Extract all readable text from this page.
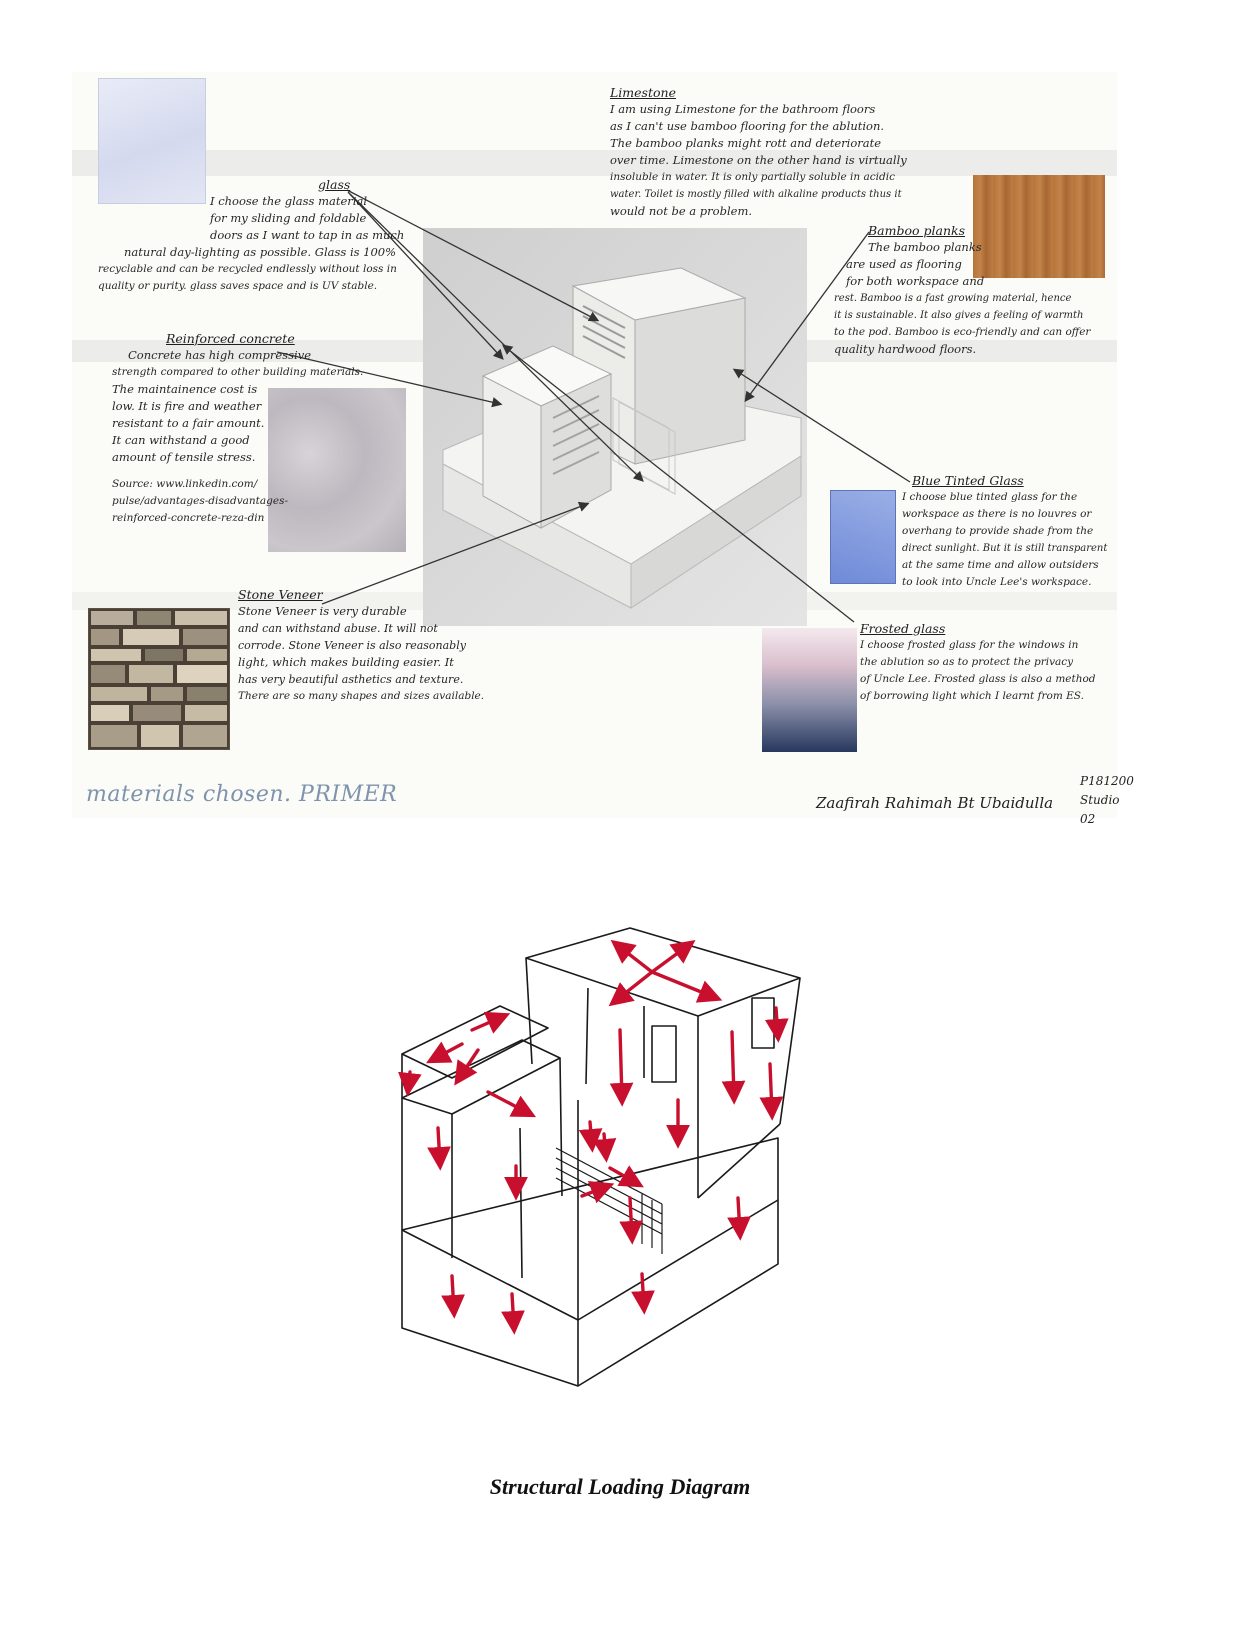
glass

I choose the glass material

for my sliding and foldable

doors as I want to tap in as much

natural day-lighting as possible. Glass is 100%

recyclable and can be recycled endlessly without loss in

quality or purity. glass saves space and is UV stable.

Limestone

I am using Limestone for the bathroom floors

as I can't use bamboo flooring for the ablution.

The bamboo planks might rott and deteriorate

over time. Limestone on the other hand is virtually

insoluble in water. It is only partially soluble in acidic

water. Toilet is mostly filled with alkaline products thus it

would not be a problem.

Bamboo planks

The bamboo planks

are used as flooring

for both workspace and

rest. Bamboo is a fast growing material, hence

it is sustainable. It also gives a feeling of warmth

to the pod. Bamboo is eco-friendly and can offer

quality hardwood floors.

Reinforced concrete

Concrete has high compressive

strength compared to other building materials.

The maintainence cost is

low. It is fire and weather

resistant to a fair amount.

It can withstand a good

amount of tensile stress.

Source: www.linkedin.com/

pulse/advantages-disadvantages-

reinforced-concrete-reza-din

Blue Tinted Glass

I choose blue tinted glass for the

workspace as there is no louvres or

overhang to provide shade from the

direct sunlight. But it is still transparent

at the same time and allow outsiders

to look into Uncle Lee's workspace.

Stone Veneer

Stone Veneer is very durable

and can withstand abuse. It will not

corrode. Stone Veneer is also reasonably

light, which makes building easier. It

has very beautiful asthetics and texture.

There are so many shapes and sizes available.

Frosted glass

I choose frosted glass for the windows in

the ablution so as to protect the privacy

of Uncle Lee. Frosted glass is also a method

of borrowing light which I learnt from ES.

materials chosen. PRIMER	Zaafirah Rahimah Bt Ubaidulla
P181200
Studio 02
Structural Loading Diagram
